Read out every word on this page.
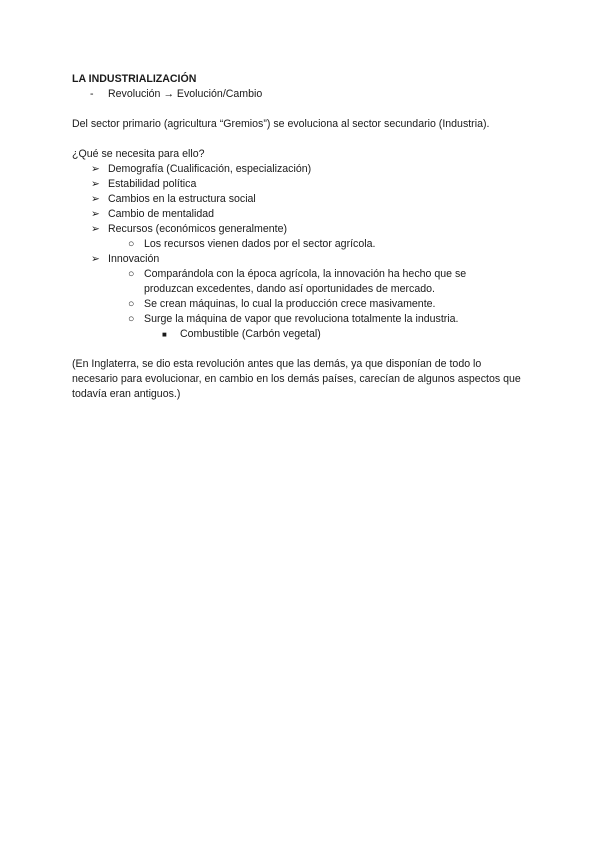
LA INDUSTRIALIZACIÓN

- Revolución → Evolución/Cambio

Del sector primario (agricultura “Gremios”) se evoluciona al sector secundario (Industria).

¿Qué se necesita para ello?

➢ Demografía (Cualificación, especialización)
➢ Estabilidad política
➢ Cambios en la estructura social
➢ Cambio de mentalidad
➢ Recursos (económicos generalmente)
○ Los recursos vienen dados por el sector agrícola.
➢ Innovación
○ Comparándola con la época agrícola, la innovación ha hecho que se produzcan excedentes, dando así oportunidades de mercado.
○ Se crean máquinas, lo cual la producción crece masivamente.
○ Surge la máquina de vapor que revoluciona totalmente la industria.
■ Combustible (Carbón vegetal)

(En Inglaterra, se dio esta revolución antes que las demás, ya que disponían de todo lo necesario para evolucionar, en cambio en los demás países, carecían de algunos aspectos que todavía eran antiguos.)
